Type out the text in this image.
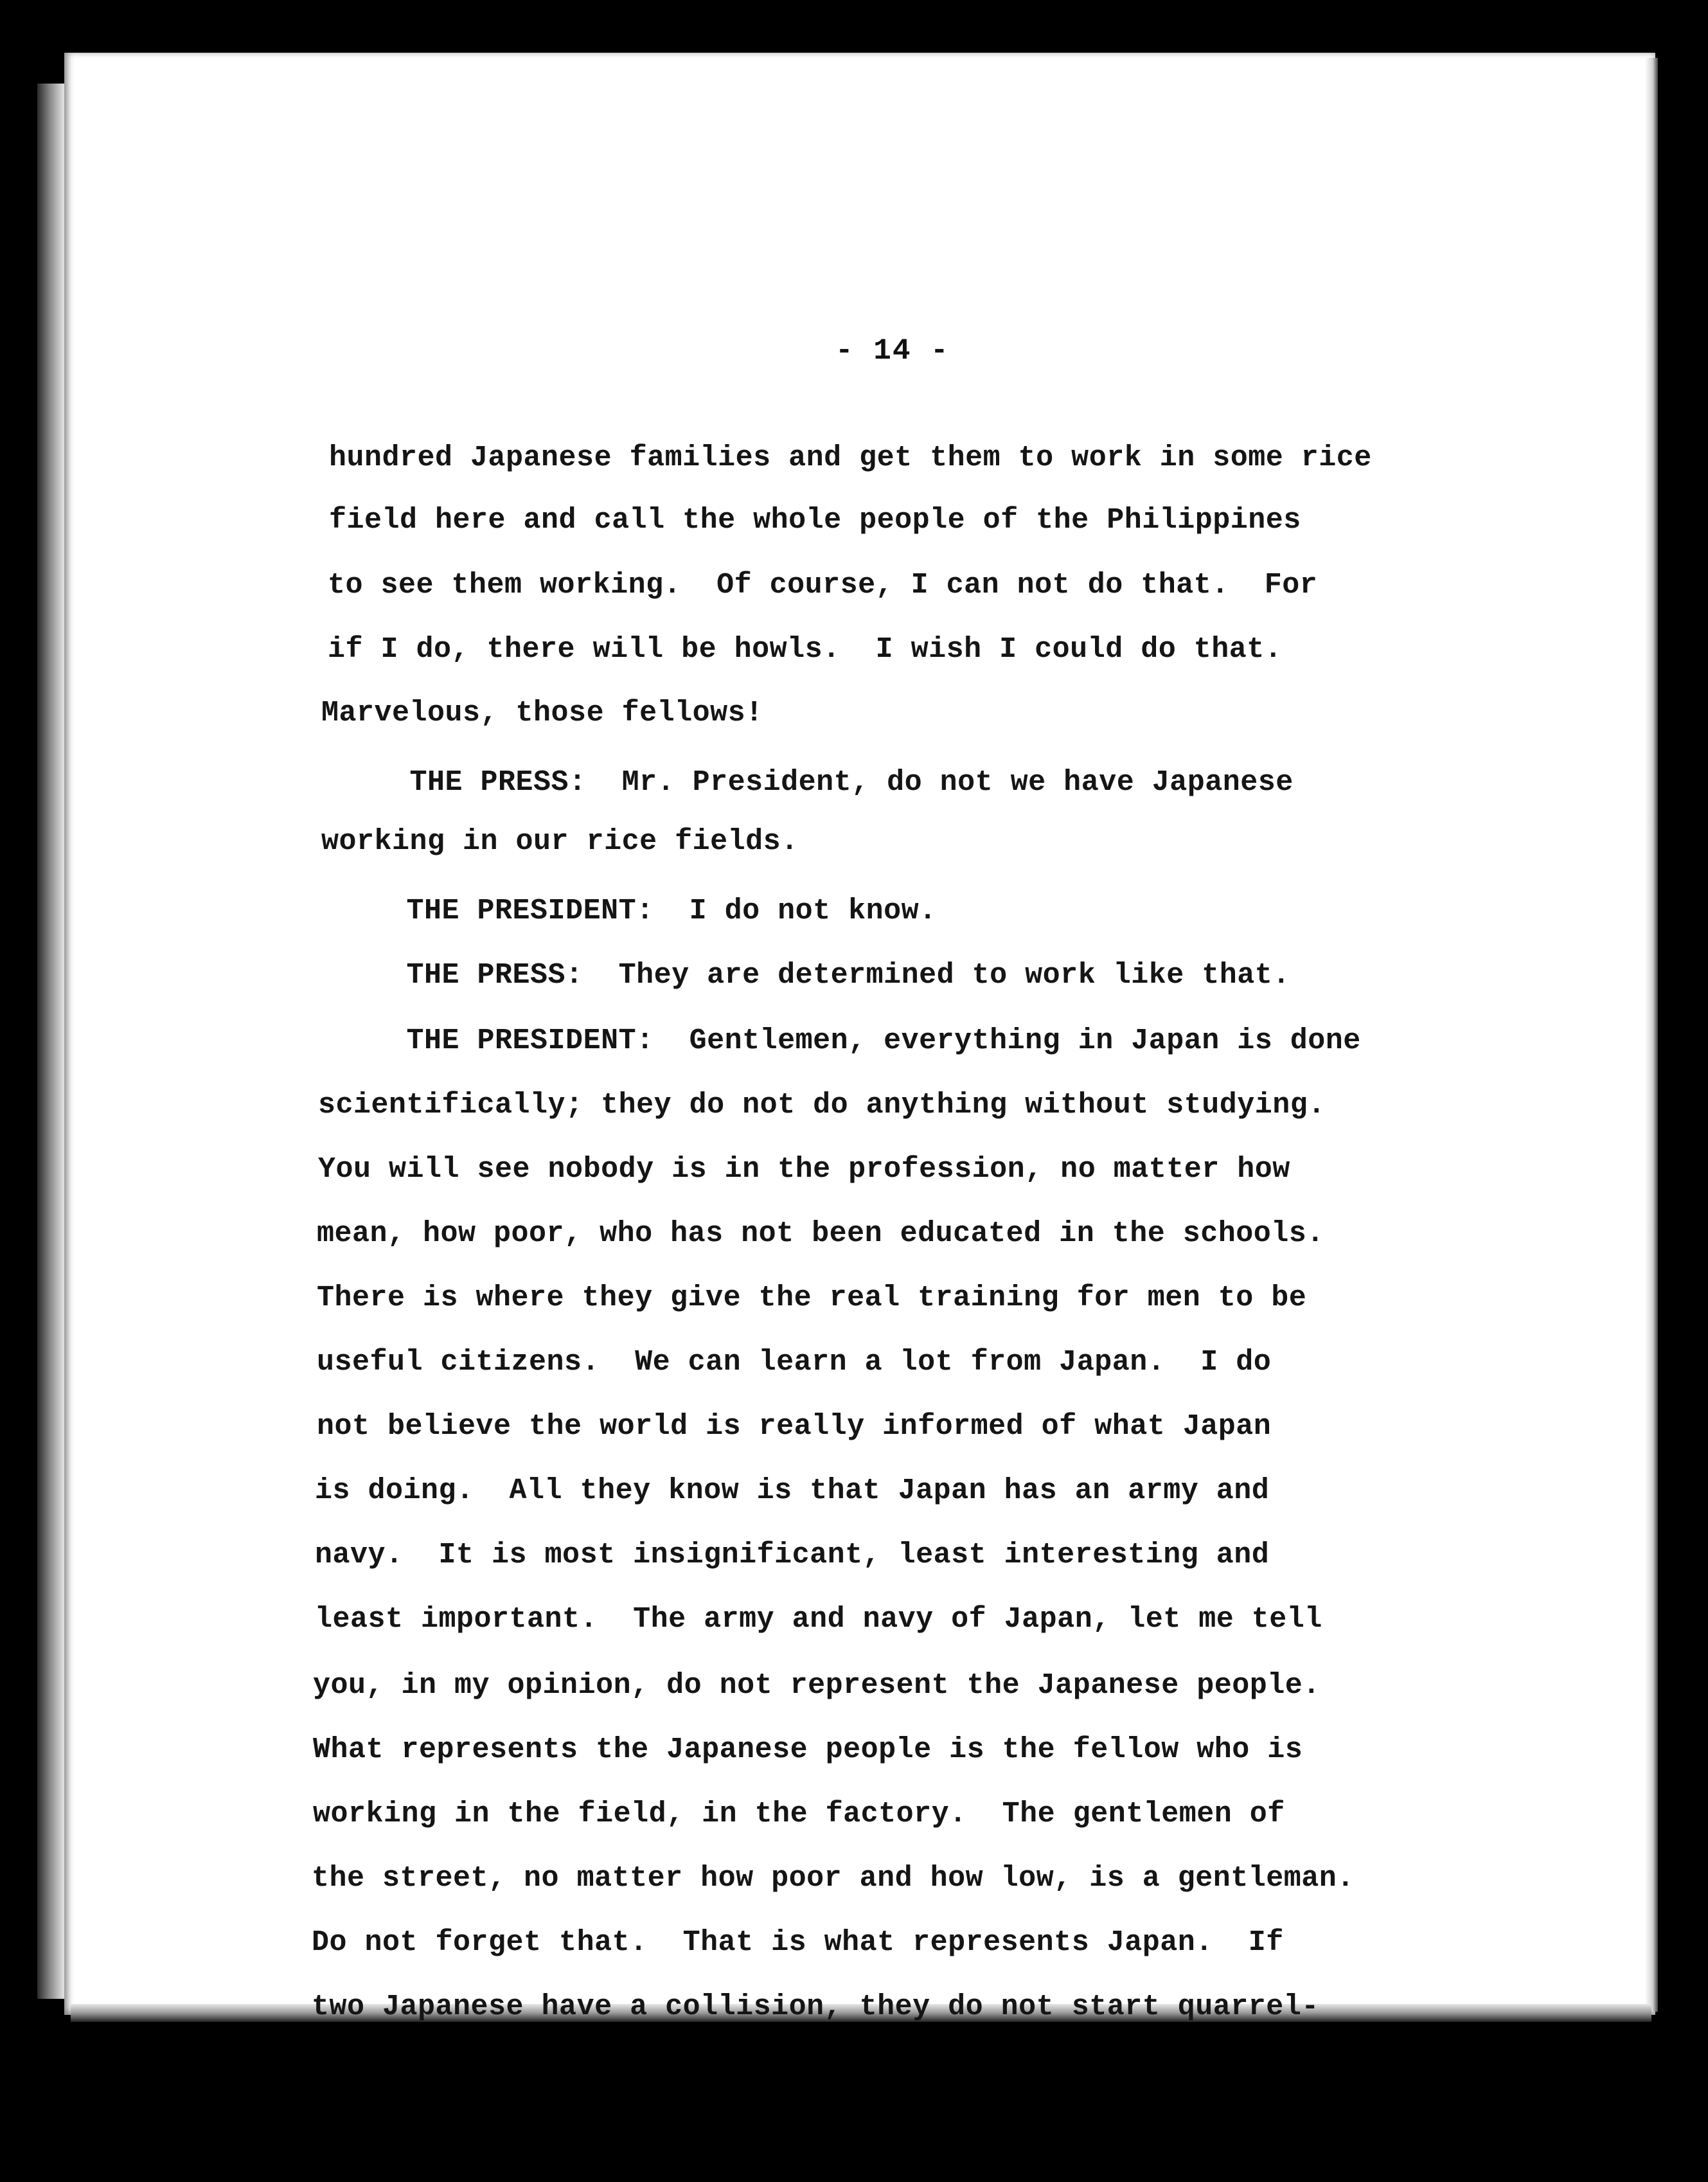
- 14 -
hundred Japanese families and get them to work in some rice
field here and call the whole people of the Philippines
to see them working.  Of course, I can not do that.  For
if I do, there will be howls.  I wish I could do that.
Marvelous, those fellows!
THE PRESS:  Mr. President, do not we have Japanese
working in our rice fields.
THE PRESIDENT:  I do not know.
THE PRESS:  They are determined to work like that.
THE PRESIDENT:  Gentlemen, everything in Japan is done
scientifically; they do not do anything without studying.
You will see nobody is in the profession, no matter how
mean, how poor, who has not been educated in the schools.
There is where they give the real training for men to be
useful citizens.  We can learn a lot from Japan.  I do
not believe the world is really informed of what Japan
is doing.  All they know is that Japan has an army and
navy.  It is most insignificant, least interesting and
least important.  The army and navy of Japan, let me tell
you, in my opinion, do not represent the Japanese people.
What represents the Japanese people is the fellow who is
working in the field, in the factory.  The gentlemen of
the street, no matter how poor and how low, is a gentleman.
Do not forget that.  That is what represents Japan.  If
two Japanese have a collision, they do not start quarrel-
